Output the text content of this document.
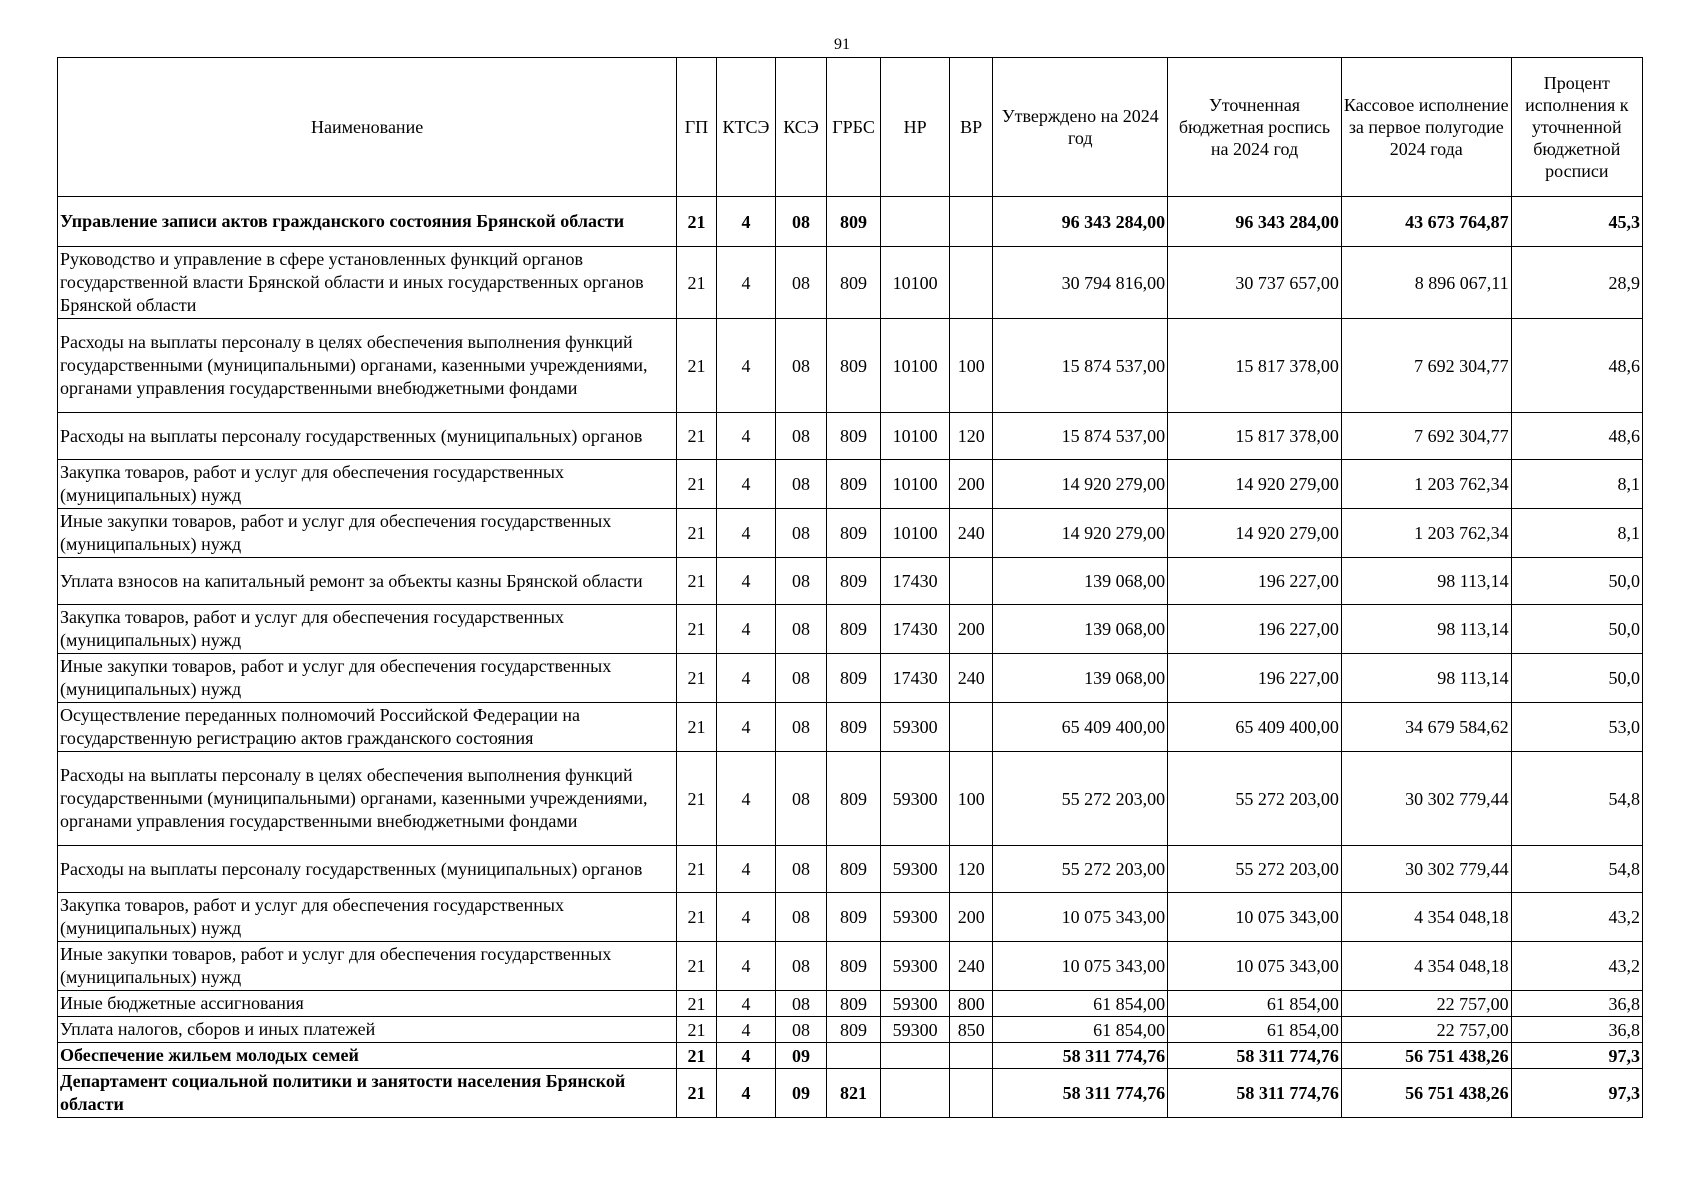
91
Наименование	ГП	КТСЭ	КСЭ	ГРБС	НР	ВР	Утверждено на 2024 год	Уточненная бюджетная роспись на 2024 год	Кассовое исполнение за первое полугодие 2024 года	Процент исполнения к уточненной бюджетной росписи
Управление записи актов гражданского состояния Брянской области	21	4	08	809			96 343 284,00	96 343 284,00	43 673 764,87	45,3
Руководство и управление в сфере установленных функций органов государственной власти Брянской области и иных государственных органов Брянской области	21	4	08	809	10100		30 794 816,00	30 737 657,00	8 896 067,11	28,9
Расходы на выплаты персоналу в целях обеспечения выполнения функций государственными (муниципальными) органами, казенными учреждениями, органами управления государственными внебюджетными фондами	21	4	08	809	10100	100	15 874 537,00	15 817 378,00	7 692 304,77	48,6
Расходы на выплаты персоналу государственных (муниципальных) органов	21	4	08	809	10100	120	15 874 537,00	15 817 378,00	7 692 304,77	48,6
Закупка товаров, работ и услуг для обеспечения государственных (муниципальных) нужд	21	4	08	809	10100	200	14 920 279,00	14 920 279,00	1 203 762,34	8,1
Иные закупки товаров, работ и услуг для обеспечения государственных (муниципальных) нужд	21	4	08	809	10100	240	14 920 279,00	14 920 279,00	1 203 762,34	8,1
Уплата взносов на капитальный ремонт за объекты казны Брянской области	21	4	08	809	17430		139 068,00	196 227,00	98 113,14	50,0
Закупка товаров, работ и услуг для обеспечения государственных (муниципальных) нужд	21	4	08	809	17430	200	139 068,00	196 227,00	98 113,14	50,0
Иные закупки товаров, работ и услуг для обеспечения государственных (муниципальных) нужд	21	4	08	809	17430	240	139 068,00	196 227,00	98 113,14	50,0
Осуществление переданных полномочий Российской Федерации на государственную регистрацию актов гражданского состояния	21	4	08	809	59300		65 409 400,00	65 409 400,00	34 679 584,62	53,0
Расходы на выплаты персоналу в целях обеспечения выполнения функций государственными (муниципальными) органами, казенными учреждениями, органами управления государственными внебюджетными фондами	21	4	08	809	59300	100	55 272 203,00	55 272 203,00	30 302 779,44	54,8
Расходы на выплаты персоналу государственных (муниципальных) органов	21	4	08	809	59300	120	55 272 203,00	55 272 203,00	30 302 779,44	54,8
Закупка товаров, работ и услуг для обеспечения государственных (муниципальных) нужд	21	4	08	809	59300	200	10 075 343,00	10 075 343,00	4 354 048,18	43,2
Иные закупки товаров, работ и услуг для обеспечения государственных (муниципальных) нужд	21	4	08	809	59300	240	10 075 343,00	10 075 343,00	4 354 048,18	43,2
Иные бюджетные ассигнования	21	4	08	809	59300	800	61 854,00	61 854,00	22 757,00	36,8
Уплата налогов, сборов и иных платежей	21	4	08	809	59300	850	61 854,00	61 854,00	22 757,00	36,8
Обеспечение жильем молодых семей	21	4	09				58 311 774,76	58 311 774,76	56 751 438,26	97,3
Департамент социальной политики и занятости населения Брянской области	21	4	09	821			58 311 774,76	58 311 774,76	56 751 438,26	97,3
